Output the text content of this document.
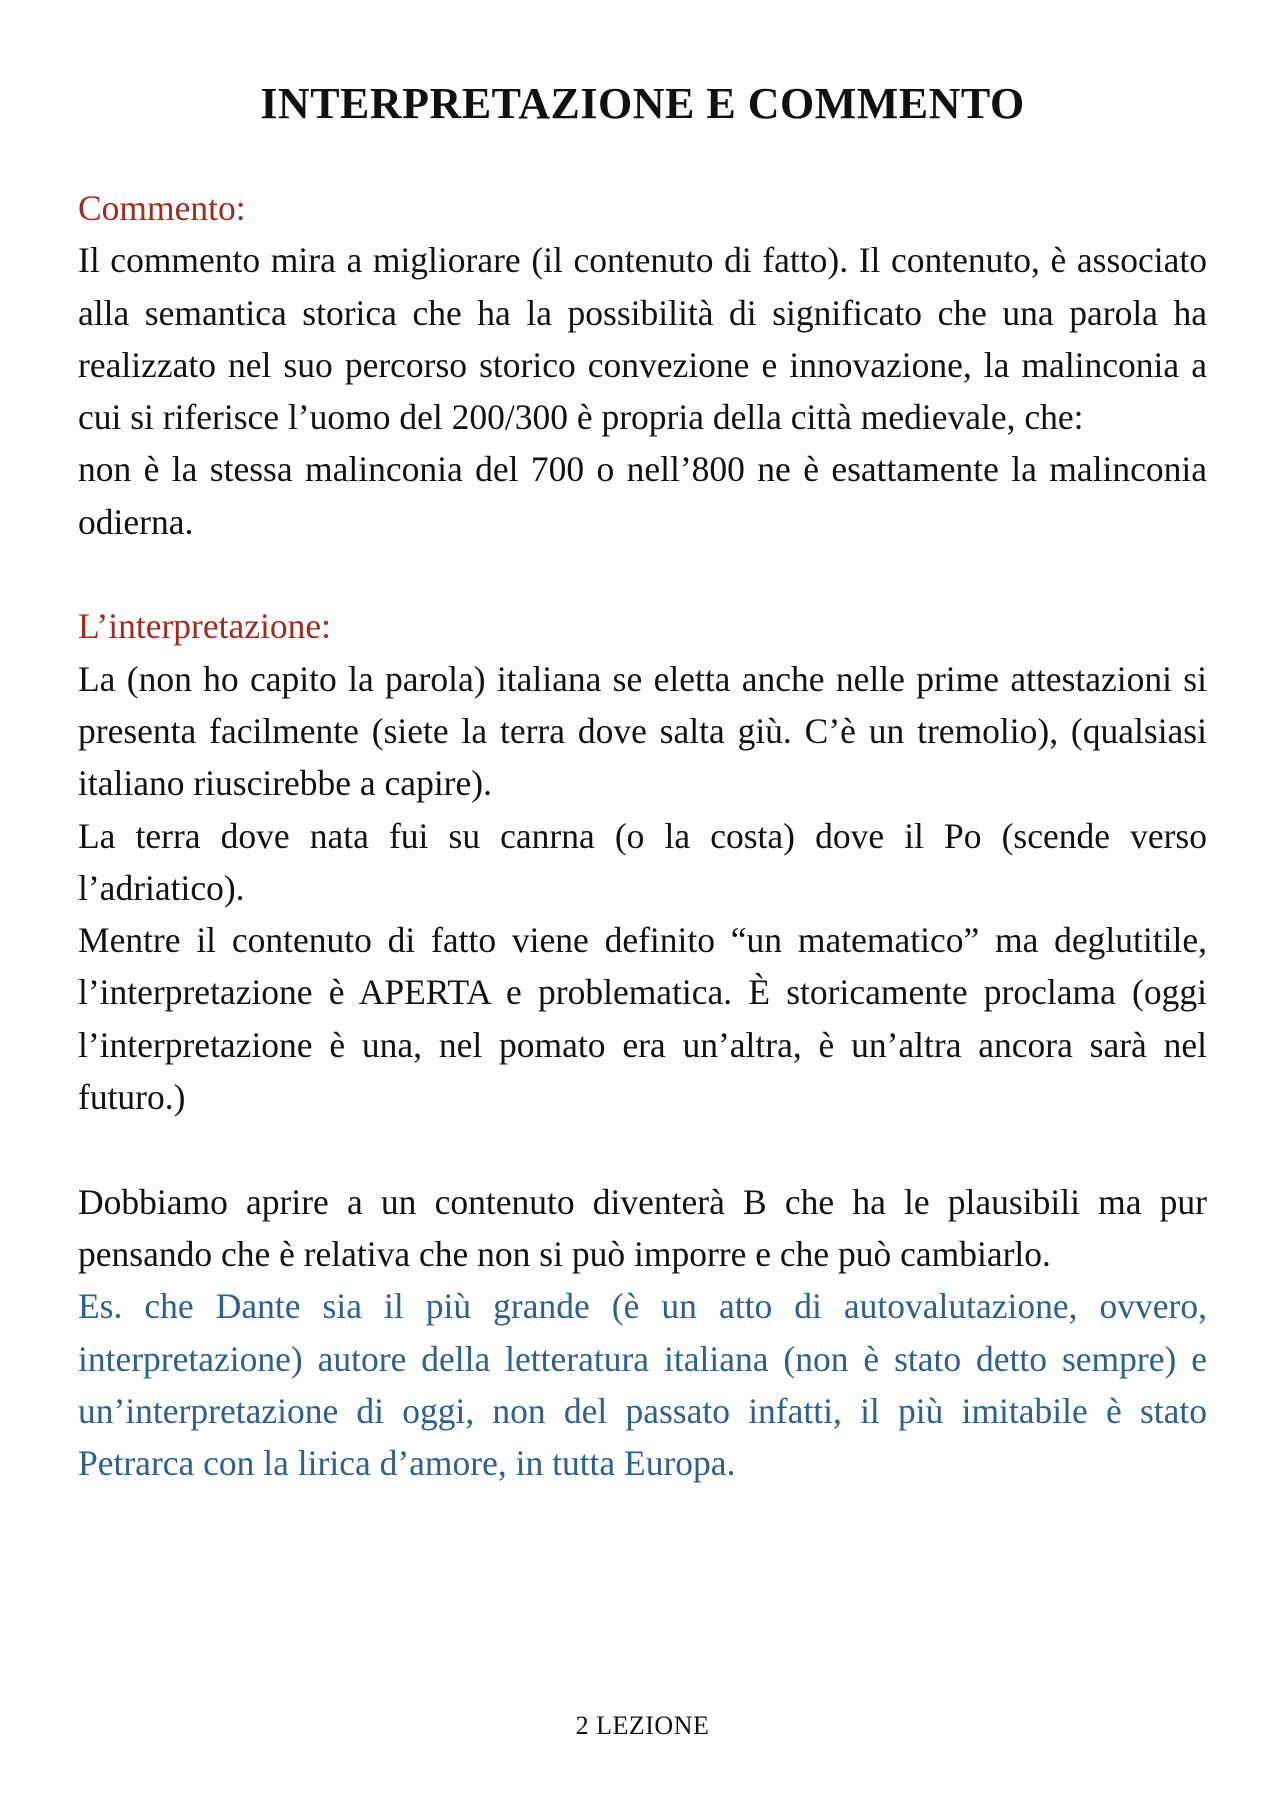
INTERPRETAZIONE E COMMENTO
Commento:

Il commento mira a migliorare (il contenuto di fatto). Il contenuto, è associato alla semantica storica che ha la possibilità di significato che una parola ha realizzato nel suo percorso storico convezione e innovazione, la malinconia a cui si riferisce l’uomo del 200/300 è propria della città medievale, che:

non è la stessa malinconia del 700 o nell’800 ne è esattamente la malinconia odierna.

L’interpretazione:

La (non ho capito la parola) italiana se eletta anche nelle prime attestazioni si presenta facilmente (siete la terra dove salta giù. C’è un tremolio), (qualsiasi italiano riuscirebbe a capire).

La terra dove nata fui su canrna (o la costa) dove il Po (scende verso l’adriatico).

Mentre il contenuto di fatto viene definito “un matematico” ma deglutitile, l’interpretazione è APERTA e problematica. È storicamente proclama (oggi l’interpretazione è una, nel pomato era un’altra, è un’altra ancora sarà nel futuro.)

Dobbiamo aprire a un contenuto diventerà B che ha le plausibili ma pur pensando che è relativa che non si può imporre e che può cambiarlo.

Es. che Dante sia il più grande (è un atto di autovalutazione, ovvero, interpretazione) autore della letteratura italiana (non è stato detto sempre) e un’interpretazione di oggi, non del passato infatti, il più imitabile è stato Petrarca con la lirica d’amore, in tutta Europa.

2 LEZIONE
